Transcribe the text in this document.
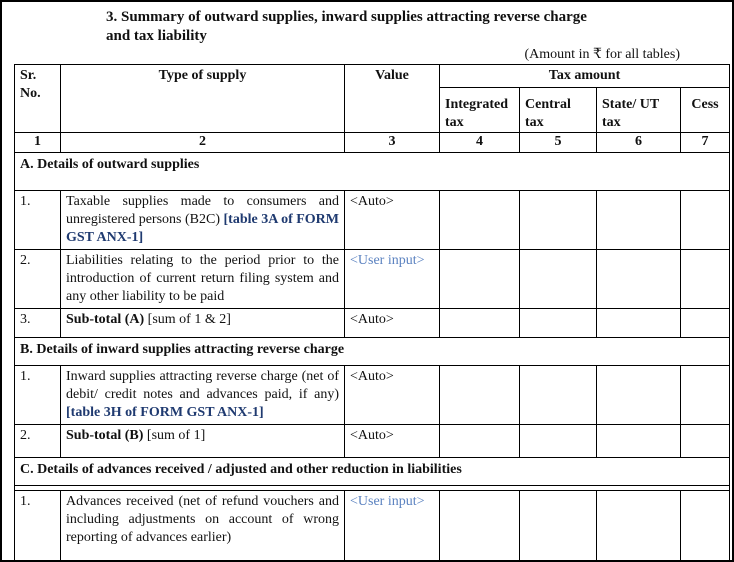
3. Summary of outward supplies, inward supplies attracting reverse charge
and tax liability
(Amount in ₹ for all tables)
Sr. No.	Type of supply	Value	Tax amount			
			Integrated tax	Central tax	State/ UT tax	Cess
1	2	3	4	5	6	7
A. Details of outward supplies						
1.	Taxable supplies made to consumers and unregistered persons (B2C) [table 3A of FORM GST ANX-1]	<Auto>				
2.	Liabilities relating to the period prior to the introduction of current return filing system and any other liability to be paid	<User input>				
3.	Sub-total (A) [sum of 1 & 2]	<Auto>				
B. Details of inward supplies attracting reverse charge						
1.	Inward supplies attracting reverse charge (net of debit/ credit notes and advances paid, if any) [table 3H of FORM GST ANX-1]	<Auto>				
2.	Sub-total (B) [sum of 1]	<Auto>				
C. Details of advances received / adjusted and other reduction in liabilities						

1.	Advances received (net of refund vouchers and including adjustments on account of wrong reporting of advances earlier)	<User input>				
